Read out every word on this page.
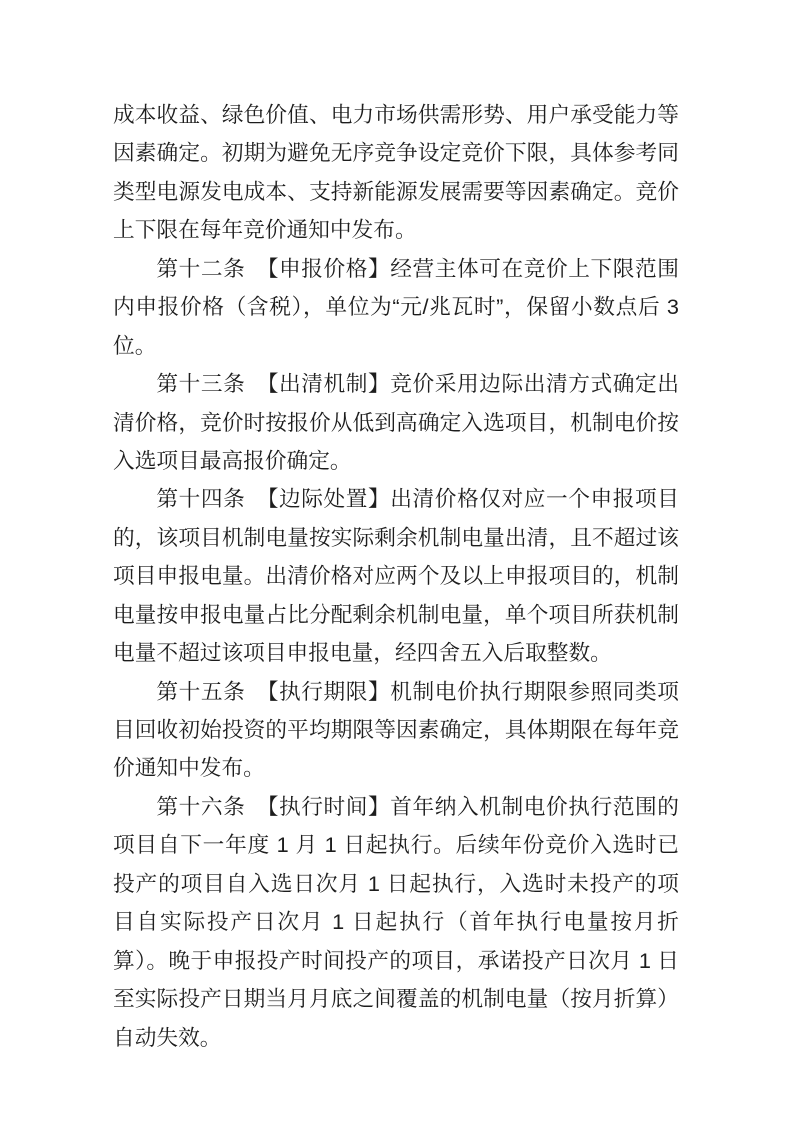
成本收益、绿色价值、电力市场供需形势、用户承受能力等因素确定。初期为避免无序竞争设定竞价下限，具体参考同类型电源发电成本、支持新能源发展需要等因素确定。竞价上下限在每年竞价通知中发布。

第十二条　【申报价格】经营主体可在竞价上下限范围内申报价格（含税），单位为“元/兆瓦时”，保留小数点后 3 位。

第十三条　【出清机制】竞价采用边际出清方式确定出清价格，竞价时按报价从低到高确定入选项目，机制电价按入选项目最高报价确定。

第十四条　【边际处置】出清价格仅对应一个申报项目的，该项目机制电量按实际剩余机制电量出清，且不超过该项目申报电量。出清价格对应两个及以上申报项目的，机制电量按申报电量占比分配剩余机制电量，单个项目所获机制电量不超过该项目申报电量，经四舍五入后取整数。

第十五条　【执行期限】机制电价执行期限参照同类项目回收初始投资的平均期限等因素确定，具体期限在每年竞价通知中发布。

第十六条　【执行时间】首年纳入机制电价执行范围的项目自下一年度 1 月 1 日起执行。后续年份竞价入选时已投产的项目自入选日次月 1 日起执行，入选时未投产的项目自实际投产日次月 1 日起执行（首年执行电量按月折算）。晚于申报投产时间投产的项目，承诺投产日次月 1 日至实际投产日期当月月底之间覆盖的机制电量（按月折算）自动失效。
